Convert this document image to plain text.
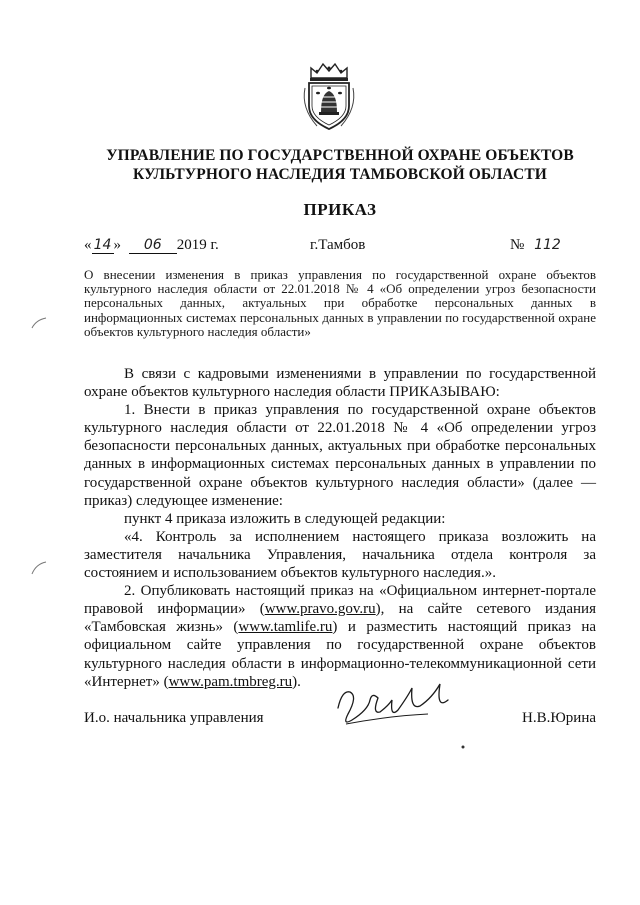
УПРАВЛЕНИЕ ПО ГОСУДАРСТВЕННОЙ ОХРАНЕ ОБЪЕКТОВ
КУЛЬТУРНОГО НАСЛЕДИЯ ТАМБОВСКОЙ ОБЛАСТИ
ПРИКАЗ
« 14 » 06 2019 г.	г.Тамбов	№ 112
О внесении изменения в приказ управления по государственной охране объектов культурного наследия области от 22.01.2018 № 4 «Об определении угроз безопасности персональных данных, актуальных при обработке персональных данных в информационных системах персональных данных в управлении по государственной охране объектов культурного наследия области»

В связи с кадровыми изменениями в управлении по государственной охране объектов культурного наследия области ПРИКАЗЫВАЮ:

1. Внести в приказ управления по государственной охране объектов культурного наследия области от 22.01.2018 № 4 «Об определении угроз безопасности персональных данных, актуальных при обработке персональных данных в информационных системах персональных данных в управлении по государственной охране объектов культурного наследия области» (далее — приказ) следующее изменение:

пункт 4 приказа изложить в следующей редакции:

«4. Контроль за исполнением настоящего приказа возложить на заместителя начальника Управления, начальника отдела контроля за состоянием и использованием объектов культурного наследия.».

2. Опубликовать настоящий приказ на «Официальном интернет-портале правовой информации» (www.pravo.gov.ru), на сайте сетевого издания «Тамбовская жизнь» (www.tamlife.ru) и разместить настоящий приказ на официальном сайте управления по государственной охране объектов культурного наследия области в информационно-телекоммуникационной сети «Интернет» (www.pam.tmbreg.ru).

И.о. начальника управления	Н.В.Юрина
